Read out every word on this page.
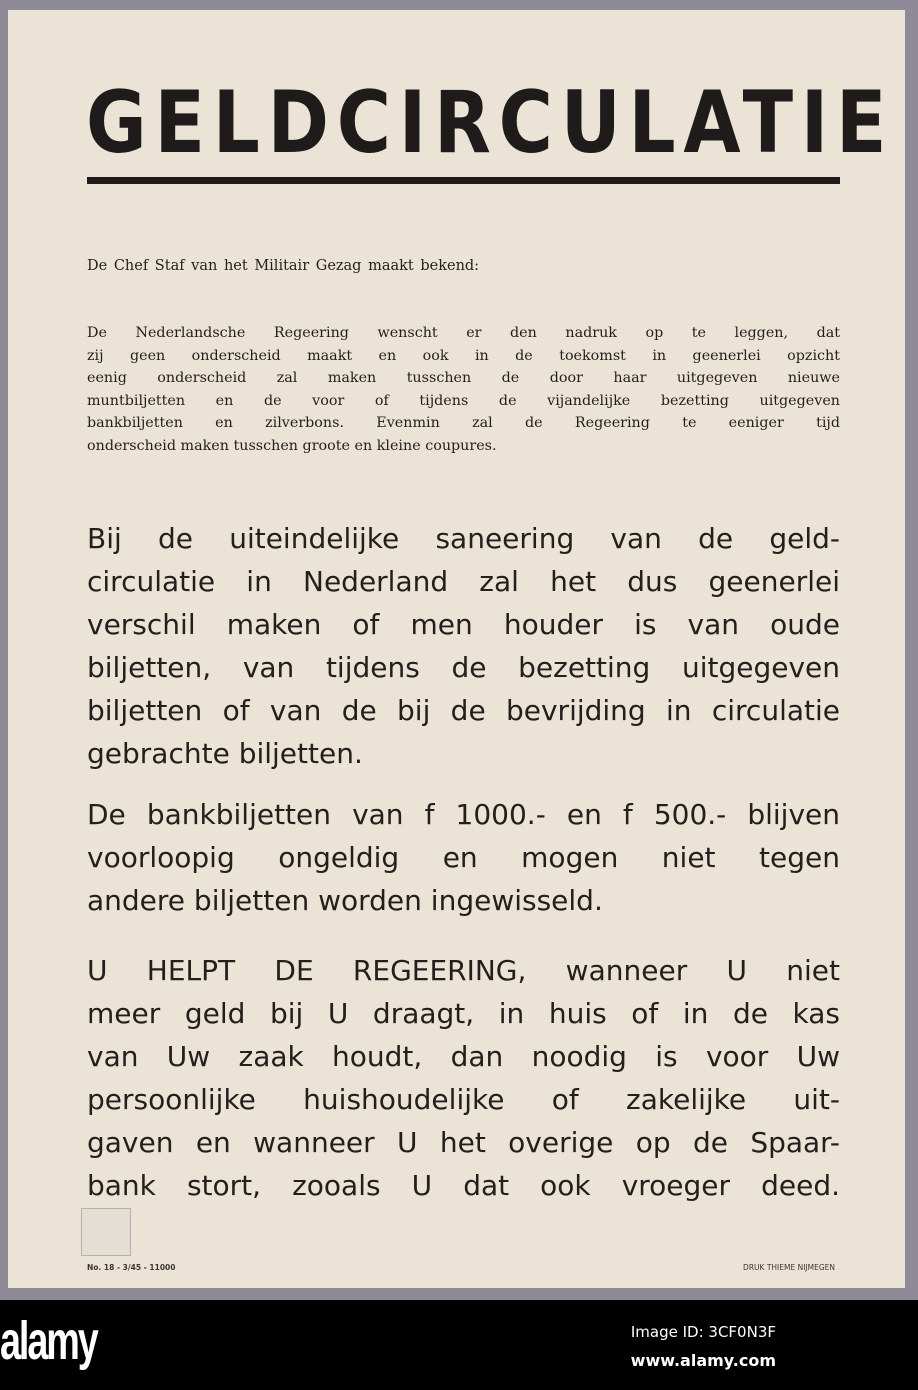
GELDCIRCULATIE
De Chef Staf van het Militair Gezag maakt bekend:
De Nederlandsche Regeering wenscht er den nadruk op te leggen, dat
zij geen onderscheid maakt en ook in de toekomst in geenerlei opzicht
eenig onderscheid zal maken tusschen de door haar uitgegeven nieuwe
muntbiljetten en de voor of tijdens de vijandelijke bezetting uitgegeven
bankbiljetten en zilverbons. Evenmin zal de Regeering te eeniger tijd
onderscheid maken tusschen groote en kleine coupures.
Bij de uiteindelijke saneering van de geld-
circulatie in Nederland zal het dus geenerlei
verschil maken of men houder is van oude
biljetten, van tijdens de bezetting uitgegeven
biljetten of van de bij de bevrijding in circulatie
gebrachte biljetten.
De bankbiljetten van f 1000.- en f 500.- blijven
voorloopig ongeldig en mogen niet tegen
andere biljetten worden ingewisseld.
U HELPT DE REGEERING, wanneer U niet
meer geld bij U draagt, in huis of in de kas
van Uw zaak houdt, dan noodig is voor Uw
persoonlijke huishoudelijke of zakelijke uit-
gaven en wanneer U het overige op de Spaar-
bank stort, zooals U dat ook vroeger deed.
No. 18 - 3/45 - 11000	DRUK THIEME NIJMEGEN
alamy	Image ID: 3CF0N3F
www.alamy.com
